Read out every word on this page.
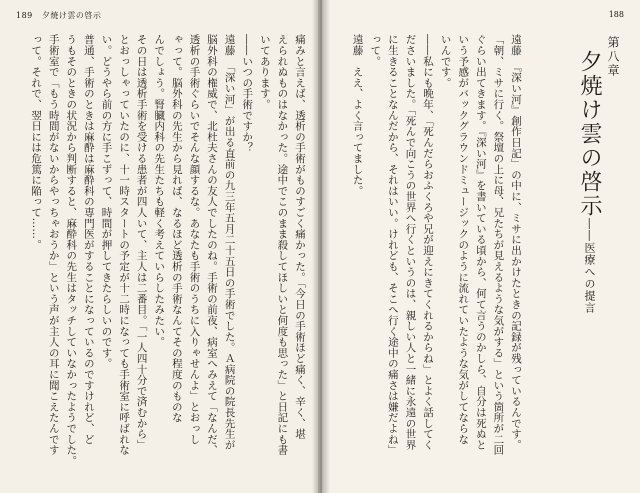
189 夕焼け雲の啓示
痛みと言えば、透析の手術がものすごく痛かった。「今日の手術ほど痛く、辛く、堪
えられぬものはなかった。途中でこのまま殺してほしいと何度も思った」と日記にも書
いてあります。
――いつの手術ですか？
遠藤　「深い河」が出る直前の九三年五月二十五日の手術でした。Ａ病院の院長先生が
脳外科の権威で、北杜夫さんの友人でしたのね。手術の前夜、病室へみえて「なんだ、
透析の手術ぐらいでそんな顔するな。あなたも手術のうちに入りゃせんよ」とおっし
ゃって。脳外科の先生から見れば、なるほど透析の手術なんてその程度のものな
んでしょう。腎臓内科の先生たちも軽く考えていらしたみたい。
その日は透析手術を受ける患者が四人いて、主人は二番目。「一人四十分で済むから」
とおっしゃっていたのに、十一時スタートの予定が十二時になっても手術室に呼ばれな
い。どうやら前の方に手こずって、時間が押してきたらしいのです。
普通、手術のときは麻酔は麻酔科の専門医がすることになっているのですけれど、ど
うもそのときの状況から判断すると、麻酔科の先生はタッチしていなかったようでした。
手術室で「もう時間がないからやっちゃおうか」という声が主人の耳に聞こえたんです
って。それで、翌日には危篤に陥って……。
188
遠藤　『深い河』創作日記」の中に、ミサに出かけたときの記録が残っているんです。
「朝、ミサに行く。祭壇の上に母、兄たちが見えるような気がする」という箇所が二回
ぐらい出てきます。『深い河』を書いている頃から、何て言うのかしら、自分は死ぬと
いう予感がバックグラウンドミュージックのように流れていたような気がしてならな
いんです。
――私にも晩年、「死んだらおふくろや兄が迎えにきてくれるからね」とよく話してく
ださいました。「死んで向こうの世界へ行くというのは、親しい人と一緒に永遠の世界
に生きることなんだから、それはいい。けれども、そこへ行く途中の痛さは嫌だよね」
って。
遠藤　ええ、よく言ってました。	第八章
夕焼け雲の啓示――医療への提言
